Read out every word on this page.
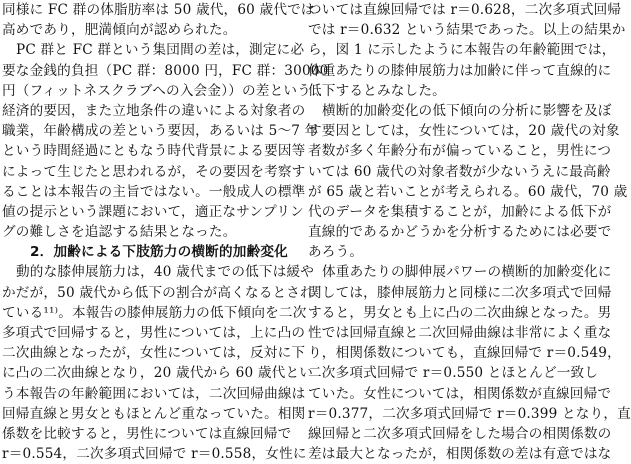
同様に FC 群の体脂肪率は 50 歳代，60 歳代では
高めであり，肥満傾向が認められた。
PC 群と FC 群という集団間の差は，測定に必
要な金銭的負担（PC 群：8000 円，FC 群：30000
円（フィットネスクラブへの入会金））の差という
経済的要因，また立地条件の違いによる対象者の
職業，年齢構成の差という要因，あるいは 5〜7 年
という時間経過にともなう時代背景による要因等
によって生じたと思われるが，その要因を考察す
ることは本報告の主旨ではない。一般成人の標準
値の提示という課題において，適正なサンプリン
グの難しさを追認する結果となった。
2．加齢による下肢筋力の横断的加齢変化
動的な膝伸展筋力は，40 歳代までの低下は緩や
かだが，50 歳代から低下の割合が高くなるとされ
ている¹¹⁾。本報告の膝伸展筋力の低下傾向を二次
多項式で回帰すると，男性については，上に凸の
二次曲線となったが，女性については，反対に下
に凸の二次曲線となり，20 歳代から 60 歳代とい
う本報告の年齢範囲においては，二次回帰曲線は
回帰直線と男女ともほとんど重なっていた。相関
係数を比較すると，男性については直線回帰で
r＝0.554，二次多項式回帰で r＝0.558，女性に
ついては直線回帰では r＝0.628，二次多項式回帰
では r＝0.632 という結果であった。以上の結果か
ら，図 1 に示したように本報告の年齢範囲では，
体重あたりの膝伸展筋力は加齢に伴って直線的に
低下するとみなした。
横断的加齢変化の低下傾向の分析に影響を及ぼ
す要因としては，女性については，20 歳代の対象
者数が多く年齢分布が偏っていること，男性につ
いては 60 歳代の対象者数が少ないうえに最高齢
が 65 歳と若いことが考えられる。60 歳代，70 歳
代のデータを集積することが，加齢による低下が
直線的であるかどうかを分析するためには必要で
あろう。
体重あたりの脚伸展パワーの横断的加齢変化に
関しては，膝伸展筋力と同様に二次多項式で回帰
すると，男女とも上に凸の二次曲線となった。男
性では回帰直線と二次回帰曲線は非常によく重な
り，相関係数についても，直線回帰で r＝0.549，
二次多項式回帰で r＝0.550 とほとんど一致し
ていた。女性については，相関係数が直線回帰で
r＝0.377，二次多項式回帰で r＝0.399 となり，直
線回帰と二次多項式回帰をした場合の相関係数の
差は最大となったが，相関係数の差は有意ではな
